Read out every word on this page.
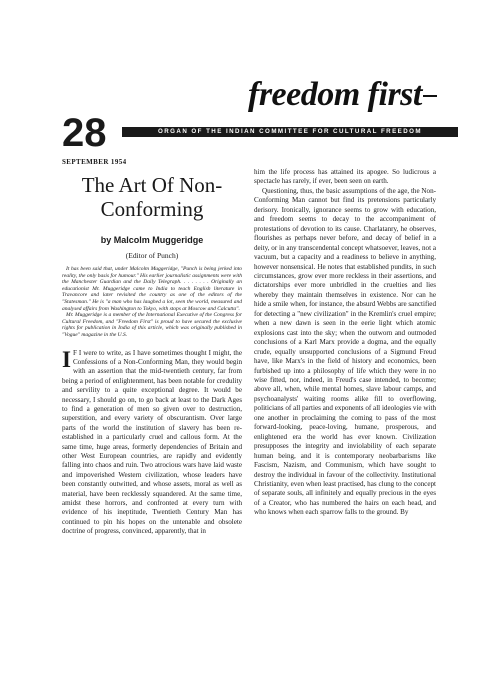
freedom first
28	ORGAN OF THE INDIAN COMMITTEE FOR CULTURAL FREEDOM
SEPTEMBER 1954
The Art Of Non-Conforming
by Malcolm Muggeridge
(Editor of Punch)

It has been said that, under Malcolm Muggeridge, "Punch is being jerked into reality, the only basis for humour." His earlier journalistic assignments were with the Manchester Guardian and the Daily Telegraph. . . . . . . . Originally an educationist Mr. Muggeridge came to India to teach English literature in Travancore and later revisited the country as one of the editors of the "Statesman." He is "a man who has laughed a lot, seen the world, measured and analysed affairs from Washington to Tokyo, with stops at Moscow and Calcutta".

Mr. Muggeridge is a member of the International Executive of the Congress for Cultural Freedom, and "Freedom First" is proud to have secured the exclusive rights for publication in India of this article, which was originally published in "Vogue" magazine in the U.S.

I F I were to write, as I have sometimes thought I might, the Confessions of a Non-Conforming Man, they would begin with an assertion that the mid-twentieth century, far from being a period of enlightenment, has been notable for credulity and servility to a quite exceptional degree. It would be necessary, I should go on, to go back at least to the Dark Ages to find a generation of men so given over to destruction, superstition, and every variety of obscurantism. Over large parts of the world the institution of slavery has been re-established in a particularly cruel and callous form. At the same time, huge areas, formerly dependencies of Britain and other West European countries, are rapidly and evidently falling into chaos and ruin. Two atrocious wars have laid waste and impoverished Western civilization, whose leaders have been constantly outwitted, and whose assets, moral as well as material, have been recklessly squandered. At the same time, amidst these horrors, and confronted at every turn with evidence of his ineptitude, Twentieth Century Man has continued to pin his hopes on the untenable and obsolete doctrine of progress, convinced, apparently, that in

him the life process has attained its apogee. So ludicrous a spectacle has rarely, if ever, been seen on earth.

Questioning, thus, the basic assumptions of the age, the Non-Conforming Man cannot but find its pretensions particularly derisory. Ironically, ignorance seems to grow with education, and freedom seems to decay to the accompaniment of protestations of devotion to its cause. Charlatanry, he observes, flourishes as perhaps never before, and decay of belief in a deity, or in any transcendental concept whatsoever, leaves, not a vacuum, but a capacity and a readiness to believe in anything, however nonsensical. He notes that established pundits, in such circumstances, grow ever more reckless in their assertions, and dictatorships ever more unbridled in the cruelties and lies whereby they maintain themselves in existence. Nor can he hide a smile when, for instance, the absurd Webbs are sanctified for detecting a "new civilization" in the Kremlin's cruel empire; when a new dawn is seen in the eerie light which atomic explosions cast into the sky; when the outworn and outmoded conclusions of a Karl Marx provide a dogma, and the equally crude, equally unsupported conclusions of a Sigmund Freud have, like Marx's in the field of history and economics, been furbished up into a philosophy of life which they were in no wise fitted, nor, indeed, in Freud's case intended, to become; above all, when, while mental homes, slave labour camps, and psychoanalysts' waiting rooms alike fill to overflowing, politicians of all parties and exponents of all ideologies vie with one another in proclaiming the coming to pass of the most forward-looking, peace-loving, humane, prosperous, and enlightened era the world has ever known. Civilization presupposes the integrity and inviolability of each separate human being, and it is contemporary neobarbarisms like Fascism, Nazism, and Communism, which have sought to destroy the individual in favour of the collectivity. Institutional Christianity, even when least practised, has clung to the concept of separate souls, all infinitely and equally precious in the eyes of a Creator, who has numbered the hairs on each head, and who knows when each sparrow falls to the ground. By
